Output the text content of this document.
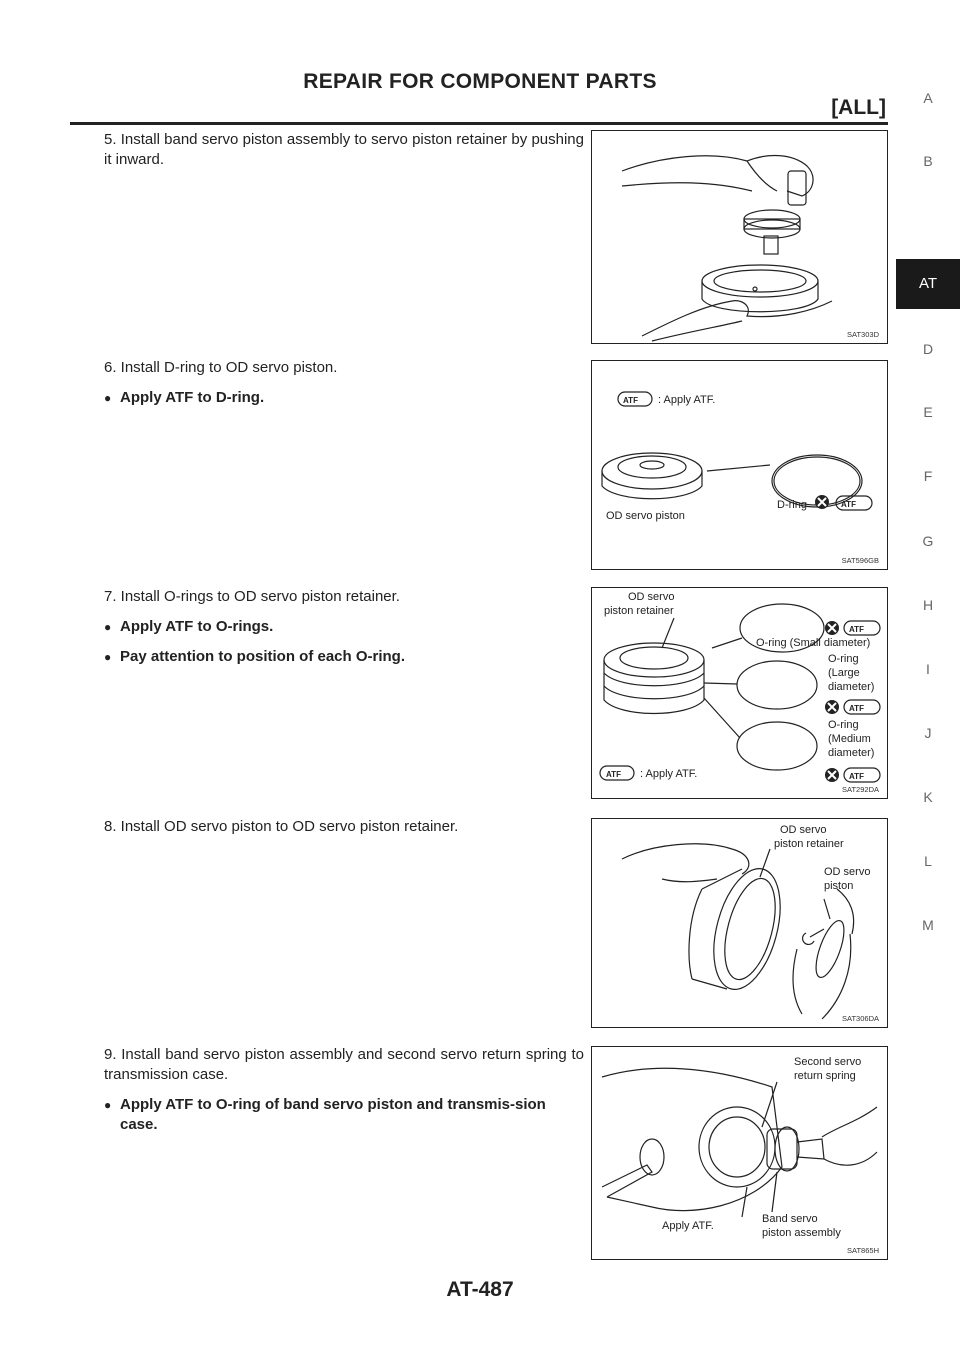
REPAIR FOR COMPONENT PARTS
[ALL]	A
B
AT
D
E
F
G
H
I
J
K
L
M

5. Install band servo piston assembly to servo piston retainer by pushing it inward.

SAT303D

6. Install D-ring to OD servo piston.

● Apply ATF to D-ring.	ATF : Apply ATF.
D-ring	ATF
OD servo piston
SAT596GB

7. Install O-rings to OD servo piston retainer.

● Apply ATF to O-rings.
● Pay attention to position of each O-ring.
OD servo
piston retainer
O-ring (Small diameter)
O-ring
(Large
diameter)
O-ring
(Medium
diameter)
ATF : Apply ATF.
ATF
ATF
ATF
SAT292DA

8. Install OD servo piston to OD servo piston retainer.	OD servo
piston retainer
OD servo
piston
SAT306DA

9. Install band servo piston assembly and second servo return spring to transmission case.

● Apply ATF to O-ring of band servo piston and transmis-sion case.
Second servo
return spring
Apply ATF.
Band servo
piston assembly
SAT865H
AT-487
